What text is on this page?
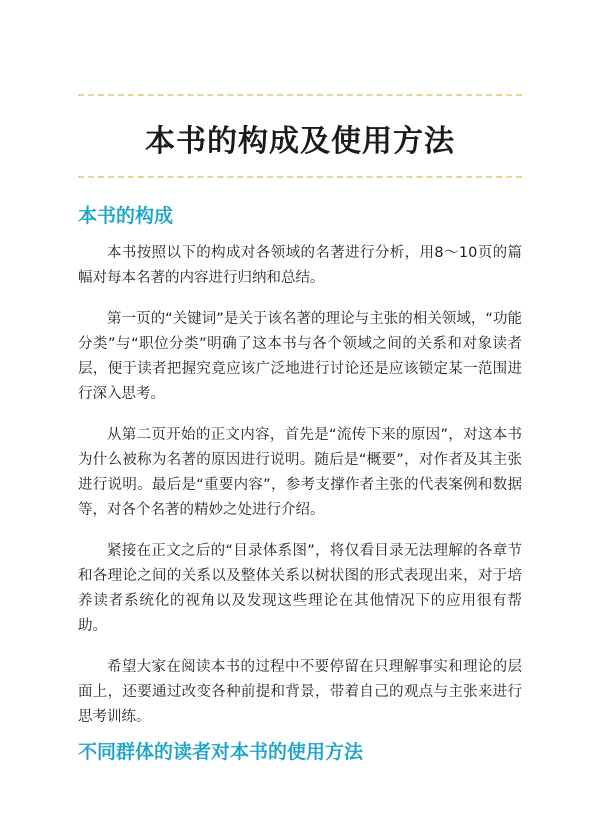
本书的构成及使用方法
本书的构成

本书按照以下的构成对各领域的名著进行分析，用8～10页的篇幅对每本名著的内容进行归纳和总结。

第一页的“关键词”是关于该名著的理论与主张的相关领域，“功能分类”与“职位分类”明确了这本书与各个领域之间的关系和对象读者层，便于读者把握究竟应该广泛地进行讨论还是应该锁定某一范围进行深入思考。

从第二页开始的正文内容，首先是“流传下来的原因”，对这本书为什么被称为名著的原因进行说明。随后是“概要”，对作者及其主张进行说明。最后是“重要内容”，参考支撑作者主张的代表案例和数据等，对各个名著的精妙之处进行介绍。

紧接在正文之后的“目录体系图”，将仅看目录无法理解的各章节和各理论之间的关系以及整体关系以树状图的形式表现出来，对于培养读者系统化的视角以及发现这些理论在其他情况下的应用很有帮助。

希望大家在阅读本书的过程中不要停留在只理解事实和理论的层面上，还要通过改变各种前提和背景，带着自己的观点与主张来进行思考训练。

不同群体的读者对本书的使用方法
